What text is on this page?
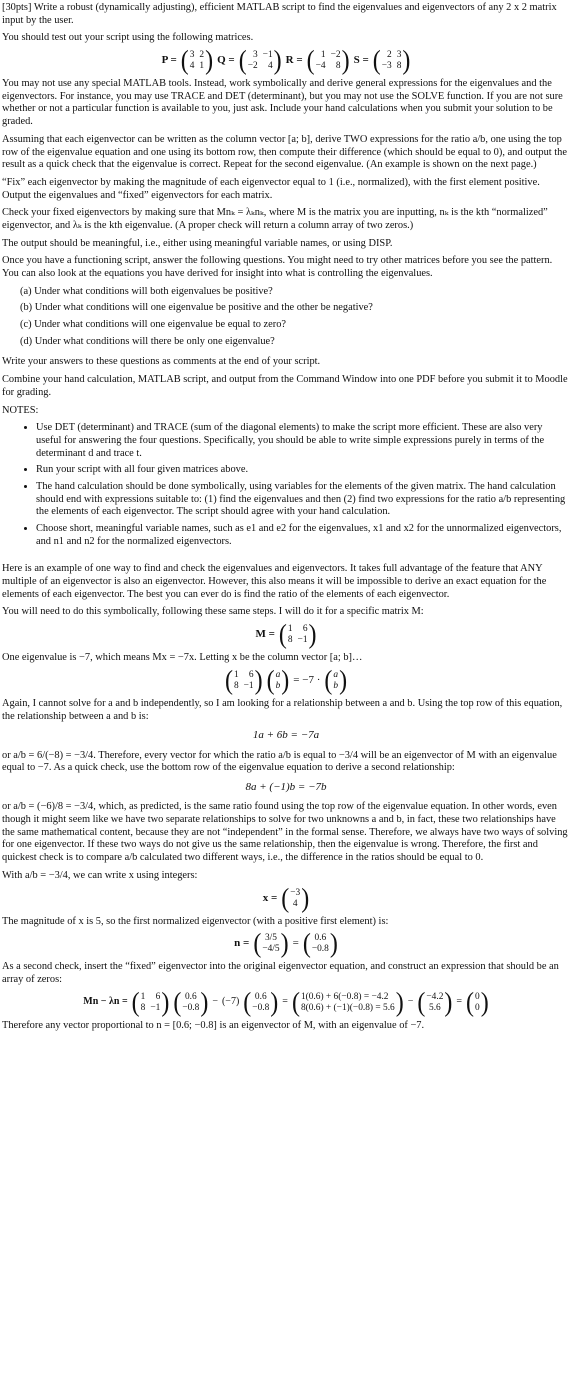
[30pts] Write a robust (dynamically adjusting), efficient MATLAB script to find the eigenvalues and eigenvectors of any 2 x 2 matrix input by the user.

You should test out your script using the following matrices.

P = ( 3 2
4 1 ) Q = ( 3 −1
−2	4 ) R = ( 1 −2
−4	8 ) S = ( 2 3
−3 8 )

You may not use any special MATLAB tools. Instead, work symbolically and derive general expressions for the eigenvalues and the eigenvectors. For instance, you may use TRACE and DET (determinant), but you may not use the SOLVE function. If you are not sure whether or not a particular function is available to you, just ask. Include your hand calculations when you submit your solution to be graded.

Assuming that each eigenvector can be written as the column vector [a; b], derive TWO expressions for the ratio a/b, one using the top row of the eigenvalue equation and one using its bottom row, then compute their difference (which should be equal to 0), and output the result as a quick check that the eigenvalue is correct. Repeat for the second eigenvalue. (An example is shown on the next page.)

“Fix” each eigenvector by making the magnitude of each eigenvector equal to 1 (i.e., normalized), with the first element positive. Output the eigenvalues and “fixed” eigenvectors for each matrix.

Check your fixed eigenvectors by making sure that Mnₖ = λₖnₖ, where M is the matrix you are inputting, nₖ is the kth “normalized” eigenvector, and λₖ is the kth eigenvalue. (A proper check will return a column array of two zeros.)

The output should be meaningful, i.e., either using meaningful variable names, or using DISP.

Once you have a functioning script, answer the following questions. You might need to try other matrices before you see the pattern. You can also look at the equations you have derived for insight into what is controlling the eigenvalues.

(a) Under what conditions will both eigenvalues be positive?
(b) Under what conditions will one eigenvalue be positive and the other be negative?
(c) Under what conditions will one eigenvalue be equal to zero?
(d) Under what conditions will there be only one eigenvalue?

Write your answers to these questions as comments at the end of your script.

Combine your hand calculation, MATLAB script, and output from the Command Window into one PDF before you submit it to Moodle for grading.

NOTES:

• Use DET (determinant) and TRACE (sum of the diagonal elements) to make the script more efficient. These are also very useful for answering the four questions. Specifically, you should be able to write simple expressions purely in terms of the determinant d and trace t.
• Run your script with all four given matrices above.
• The hand calculation should be done symbolically, using variables for the elements of the given matrix. The hand calculation should end with expressions suitable to: (1) find the eigenvalues and then (2) find two expressions for the ratio a/b representing the elements of each eigenvector. The script should agree with your hand calculation.
• Choose short, meaningful variable names, such as e1 and e2 for the eigenvalues, x1 and x2 for the unnormalized eigenvectors, and n1 and n2 for the normalized eigenvectors.

Here is an example of one way to find and check the eigenvalues and eigenvectors. It takes full advantage of the feature that ANY multiple of an eigenvector is also an eigenvector. However, this also means it will be impossible to derive an exact equation for the elements of each eigenvector. The best you can ever do is find the ratio of the elements of each eigenvector.

You will need to do this symbolically, following these same steps. I will do it for a specific matrix M:

M = ( 1	6
8 −1 )

One eigenvalue is −7, which means Mx = −7x. Letting x be the column vector [a; b]…

( 1	6
8 −1 ) ( a
b ) = −7 · ( a
b )

Again, I cannot solve for a and b independently, so I am looking for a relationship between a and b. Using the top row of this equation, the relationship between a and b is:

1a + 6b = −7a

or a/b = 6/(−8) = −3/4. Therefore, every vector for which the ratio a/b is equal to −3/4 will be an eigenvector of M with an eigenvalue equal to −7. As a quick check, use the bottom row of the eigenvalue equation to derive a second relationship:

8a + (−1)b = −7b

or a/b = (−6)/8 = −3/4, which, as predicted, is the same ratio found using the top row of the eigenvalue equation. In other words, even though it might seem like we have two separate relationships to solve for two unknowns a and b, in fact, these two relationships have the same mathematical content, because they are not “independent” in the formal sense. Therefore, we always have two ways of solving for one eigenvector. If these two ways do not give us the same relationship, then the eigenvalue is wrong. Therefore, the first and quickest check is to compare a/b calculated two different ways, i.e., the difference in the ratios should be equal to 0.

With a/b = −3/4, we can write x using integers:

x = ( −3
4 )

The magnitude of x is 5, so the first normalized eigenvector (with a positive first element) is:

n = ( 3/5
−4/5 ) = ( 0.6
−0.8 )

As a second check, insert the “fixed” eigenvector into the original eigenvector equation, and construct an expression that should be an array of zeros:

Mn − λn = ( 1	6
8 −1 ) ( 0.6
−0.8 ) − (−7) ( 0.6
−0.8 ) = ( 1(0.6) + 6(−0.8) = −4.2
8(0.6) + (−1)(−0.8) = 5.6 ) − ( −4.2
5.6 ) = ( 0
0 )

Therefore any vector proportional to n = [0.6; −0.8] is an eigenvector of M, with an eigenvalue of −7.
